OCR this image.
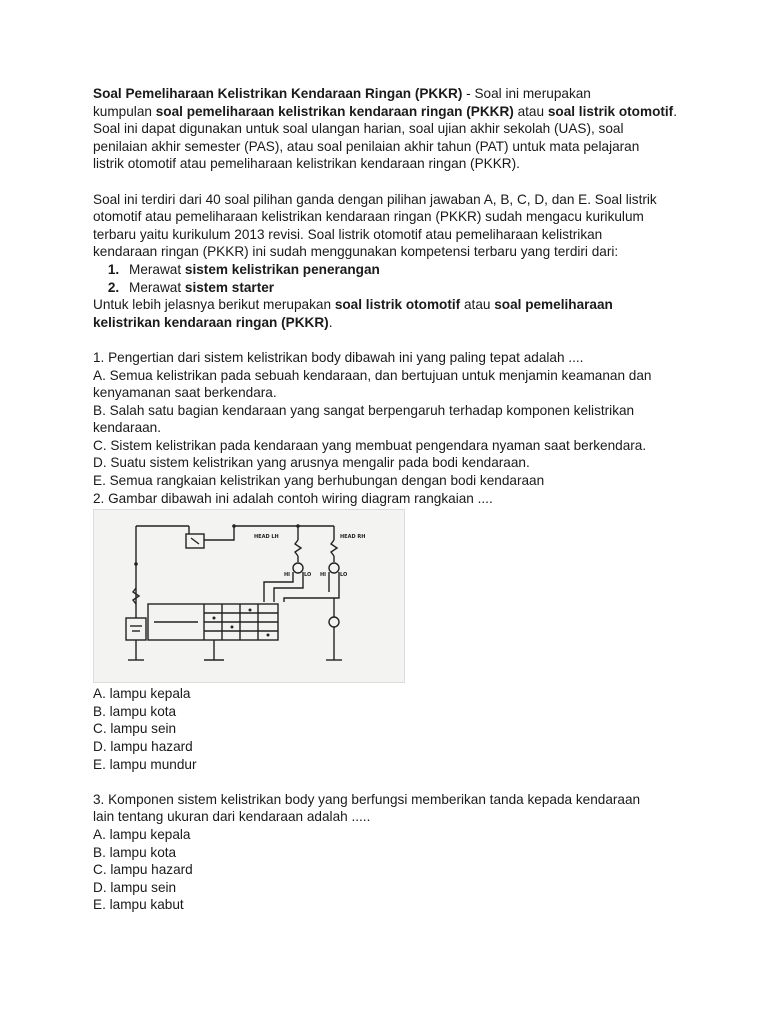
Soal Pemeliharaan Kelistrikan Kendaraan Ringan (PKKR) - Soal ini merupakan

kumpulan soal pemeliharaan kelistrikan kendaraan ringan (PKKR) atau soal listrik otomotif.

Soal ini dapat digunakan untuk soal ulangan harian, soal ujian akhir sekolah (UAS), soal

penilaian akhir semester (PAS), atau soal penilaian akhir tahun (PAT) untuk mata pelajaran

listrik otomotif atau pemeliharaan kelistrikan kendaraan ringan (PKKR).

Soal ini terdiri dari 40 soal pilihan ganda dengan pilihan jawaban A, B, C, D, dan E. Soal listrik

otomotif atau pemeliharaan kelistrikan kendaraan ringan (PKKR) sudah mengacu kurikulum

terbaru yaitu kurikulum 2013 revisi. Soal listrik otomotif atau pemeliharaan kelistrikan

kendaraan ringan (PKKR) ini sudah menggunakan kompetensi terbaru yang terdiri dari:

1. Merawat sistem kelistrikan penerangan
2. Merawat sistem starter

Untuk lebih jelasnya berikut merupakan soal listrik otomotif atau soal pemeliharaan

kelistrikan kendaraan ringan (PKKR).

1. Pengertian dari sistem kelistrikan body dibawah ini yang paling tepat adalah ....

A. Semua kelistrikan pada sebuah kendaraan, dan bertujuan untuk menjamin keamanan dan

kenyamanan saat berkendara.

B. Salah satu bagian kendaraan yang sangat berpengaruh terhadap komponen kelistrikan

kendaraan.

C. Sistem kelistrikan pada kendaraan yang membuat pengendara nyaman saat berkendara.

D. Suatu sistem kelistrikan yang arusnya mengalir pada bodi kendaraan.

E. Semua rangkaian kelistrikan yang berhubungan dengan bodi kendaraan

2. Gambar dibawah ini adalah contoh wiring diagram rangkaian ....

HEAD LH	HEAD RH
HI	LO HI	LO

A. lampu kepala

B. lampu kota

C. lampu sein

D. lampu hazard

E. lampu mundur

3. Komponen sistem kelistrikan body yang berfungsi memberikan tanda kepada kendaraan

lain tentang ukuran dari kendaraan adalah .....

A. lampu kepala

B. lampu kota

C. lampu hazard

D. lampu sein

E. lampu kabut
